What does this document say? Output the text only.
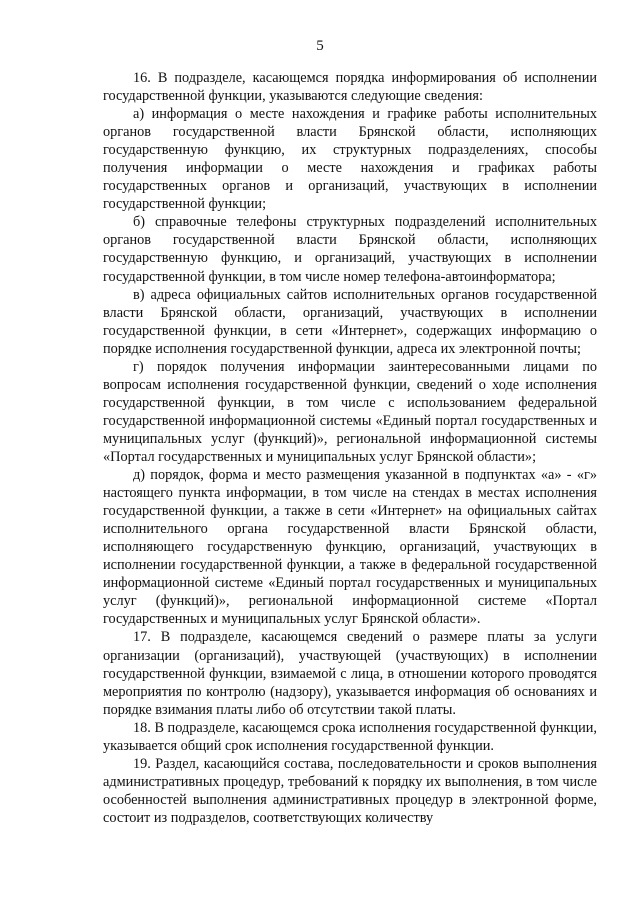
5

16. В подразделе, касающемся порядка информирования об исполнении государственной функции, указываются следующие сведения:

а) информация о месте нахождения и графике работы исполнительных органов государственной власти Брянской области, исполняющих государственную функцию, их структурных подразделениях, способы получения информации о месте нахождения и графиках работы государственных органов и организаций, участвующих в исполнении государственной функции;

б) справочные телефоны структурных подразделений исполнительных органов государственной власти Брянской области, исполняющих государственную функцию, и организаций, участвующих в исполнении государственной функции, в том числе номер телефона-автоинформатора;

в) адреса официальных сайтов исполнительных органов государственной власти Брянской области, организаций, участвующих в исполнении государственной функции, в сети «Интернет», содержащих информацию о порядке исполнения государственной функции, адреса их электронной почты;

г) порядок получения информации заинтересованными лицами по вопросам исполнения государственной функции, сведений о ходе исполнения государственной функции, в том числе с использованием федеральной государственной информационной системы «Единый портал государственных и муниципальных услуг (функций)», региональной информационной системы «Портал государственных и муниципальных услуг Брянской области»;

д) порядок, форма и место размещения указанной в подпунктах «а» - «г» настоящего пункта информации, в том числе на стендах в местах исполнения государственной функции, а также в сети «Интернет» на официальных сайтах исполнительного органа государственной власти Брянской области, исполняющего государственную функцию, организаций, участвующих в исполнении государственной функции, а также в федеральной государственной информационной системе «Единый портал государственных и муниципальных услуг (функций)», региональной информационной системе «Портал государственных и муниципальных услуг Брянской области».

17. В подразделе, касающемся сведений о размере платы за услуги организации (организаций), участвующей (участвующих) в исполнении государственной функции, взимаемой с лица, в отношении которого проводятся мероприятия по контролю (надзору), указывается информация об основаниях и порядке взимания платы либо об отсутствии такой платы.

18. В подразделе, касающемся срока исполнения государственной функции, указывается общий срок исполнения государственной функции.

19. Раздел, касающийся состава, последовательности и сроков выполнения административных процедур, требований к порядку их выполнения, в том числе особенностей выполнения административных процедур в электронной форме, состоит из подразделов, соответствующих количеству
